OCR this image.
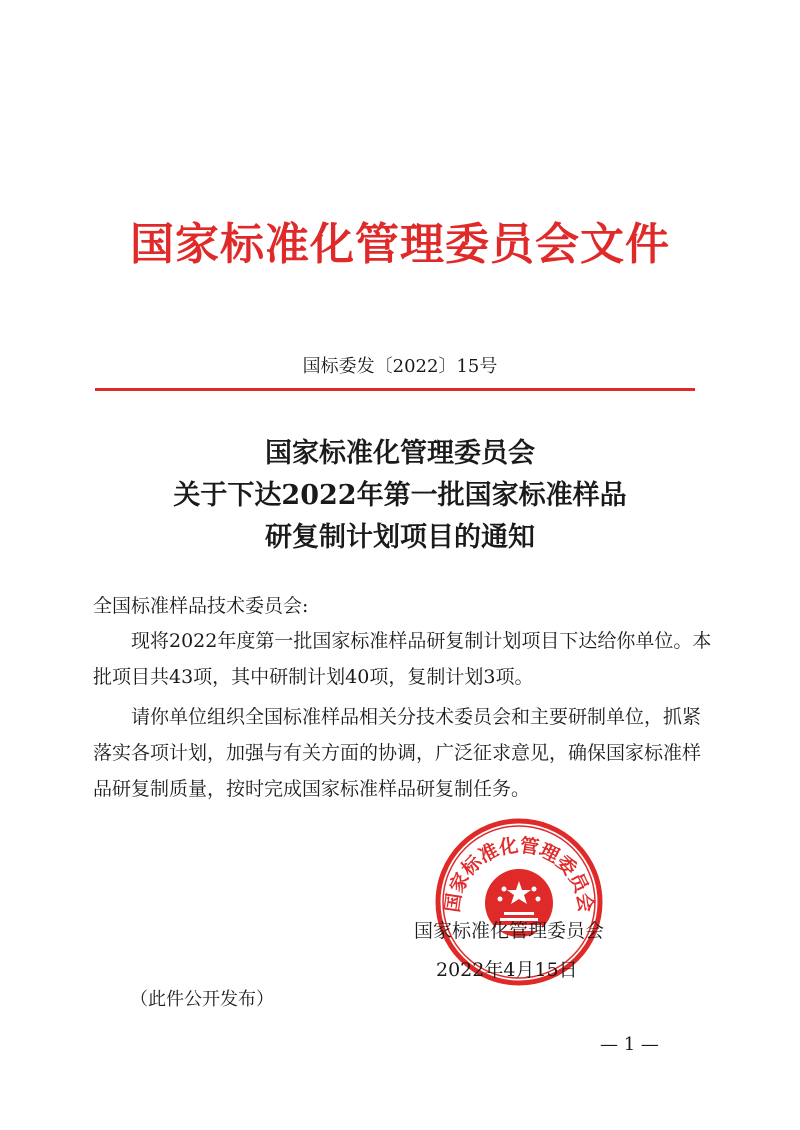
国家标准化管理委员会文件
国标委发〔2022〕15号
国家标准化管理委员会
关于下达2022年第一批国家标准样品
研复制计划项目的通知
全国标准样品技术委员会:

现将2022年度第一批国家标准样品研复制计划项目下达给你单位。本批项目共43项，其中研制计划40项，复制计划3项。

请你单位组织全国标准样品相关分技术委员会和主要研制单位，抓紧落实各项计划，加强与有关方面的协调，广泛征求意见，确保国家标准样品研复制质量，按时完成国家标准样品研复制任务。

国家标准化管理委员会
国家标准化管理委员会
2022年4月15日
（此件公开发布）
— 1 —
